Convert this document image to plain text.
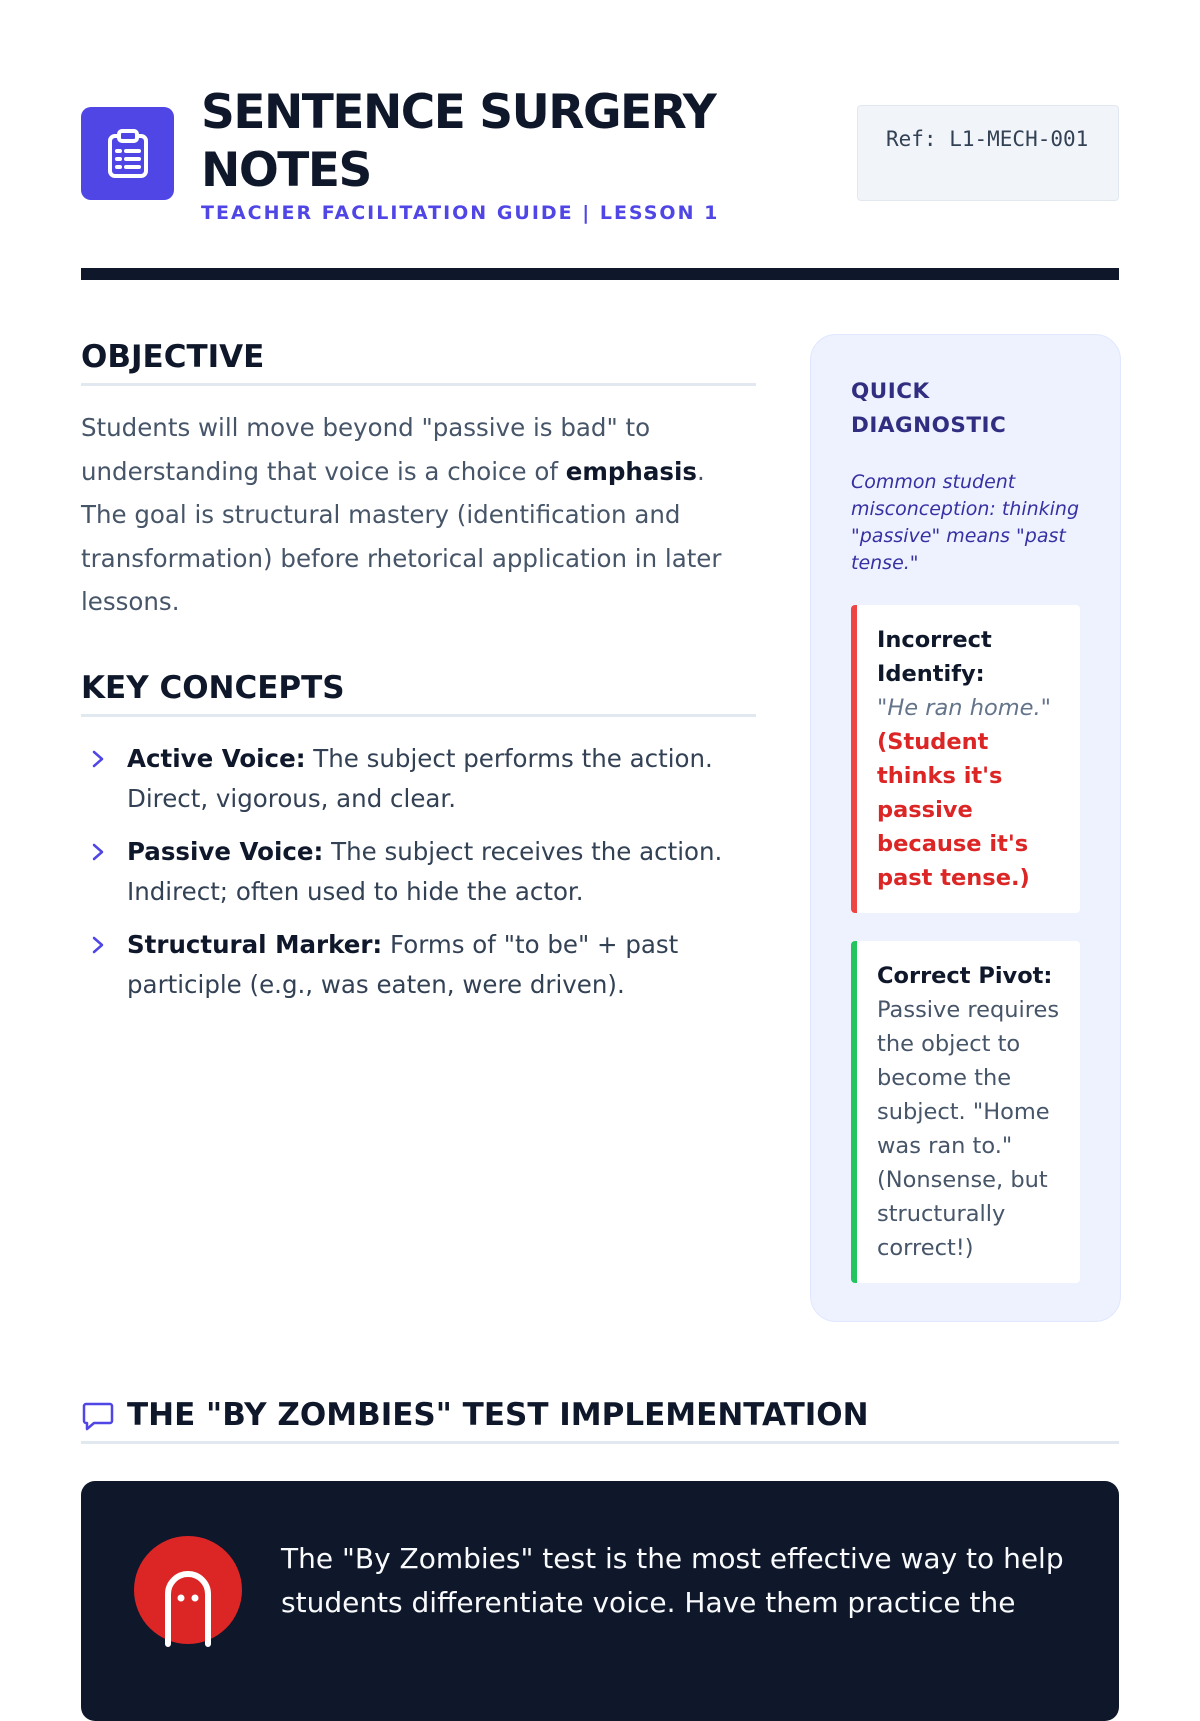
SENTENCE SURGERY NOTES
TEACHER FACILITATION GUIDE | LESSON 1
Ref: L1-MECH-001
OBJECTIVE

Students will move beyond "passive is bad" to understanding that voice is a choice of emphasis. The goal is structural mastery (identification and transformation) before rhetorical application in later lessons.

KEY CONCEPTS
Active Voice: The subject performs the action. Direct, vigorous, and clear.
Passive Voice: The subject receives the action. Indirect; often used to hide the actor.
Structural Marker: Forms of "to be" + past participle (e.g., was eaten, were driven).
QUICK DIAGNOSTIC

Common student misconception: thinking "passive" means "past tense."

Incorrect Identify:
"He ran home."
(Student thinks it's passive because it's past tense.)
Correct Pivot:
Passive requires the object to become the subject. "Home was ran to." (Nonsense, but structurally correct!)
THE "BY ZOMBIES" TEST IMPLEMENTATION
The "By Zombies" test is the most effective way to help students differentiate voice. Have them practice the
